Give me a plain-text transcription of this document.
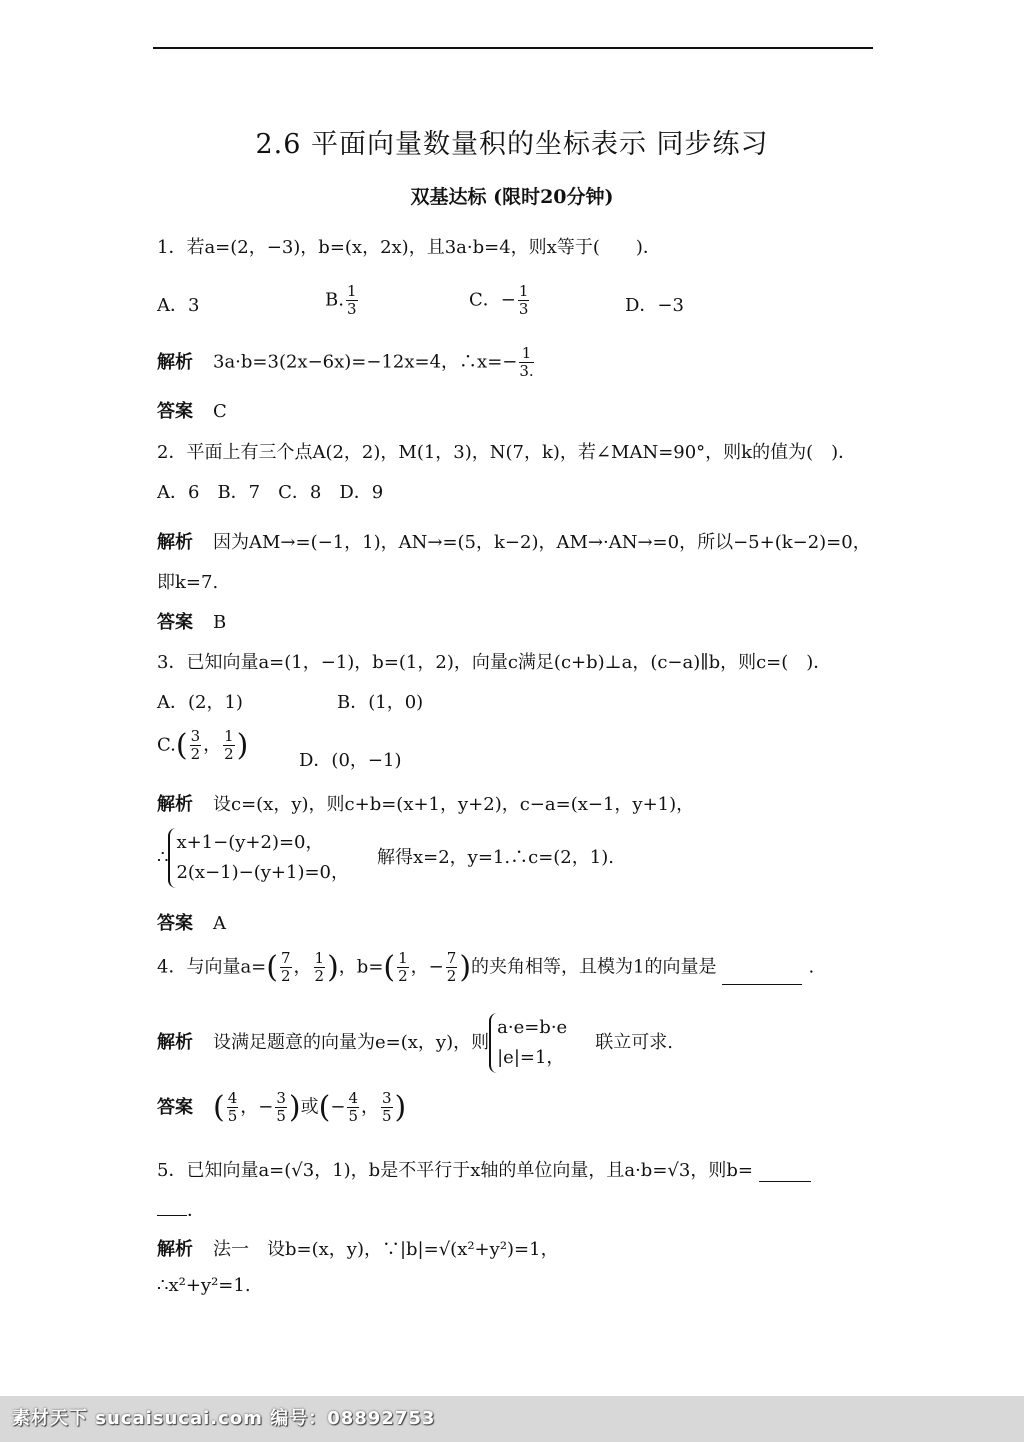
2.6 平面向量数量积的坐标表示 同步练习
双基达标 (限时20分钟)
1．若a=(2，−3)，b=(x，2x)，且3a·b=4，则x等于(　　)．
A．3	B. $\frac{1}{3}$	C．− $\frac{1}{3}$	D．−3
解析 3a·b=3(2x−6x)=−12x=4，∴x=− $\frac{1}{3.}$
答案 C
2．平面上有三个点A(2，2)，M(1，3)，N(7，k)，若∠MAN=90°，则k的值为(　)．
A．6　B．7　C．8　D．9
解析 因为AM→=(−1，1)，AN→=(5，k−2)，AM→·AN→=0，所以−5+(k−2)=0，
即k=7.
答案 B
3．已知向量a=(1，−1)，b=(1，2)，向量c满足(c+b)⊥a，(c−a)∥b，则c=(　)．
A．(2，1)	B．(1，0)
$C.( \frac{3}{2}$ ， $\frac{1}{2}$ )	D．(0，−1)
解析 设c=(x，y)，则c+b=(x+1，y+2)，c−a=(x−1，y+1)，
∴x+1−(y+2)=0，
2(x−1)−(y+1)=0，解得x=2，y=1.∴c=(2，1).
答案 A
4．与向量$a=( \frac{7}{2}$ ， $\frac{1}{2}$ )，$b=( \frac{1}{2}$ ，− $\frac{7}{2}$ )的夹角相等，且模为1的向量是	.
解析 设满足题意的向量为e=(x，y)，则a·e=b·e
|e|=1，联立可求.
答案 ( $\frac{4}{5}$ ，− $\frac{3}{5}$ )或(− $\frac{4}{5}$ ， $\frac{3}{5}$ )
5．已知向量a=(√3，1)，b是不平行于x轴的单位向量，且a·b=√3，则b=
．
解析 法一　设b=(x，y)，∵|b|=√(x²+y²)=1，
∴x²+y²=1.
素材天下 sucaisucai.com 编号：08892753
